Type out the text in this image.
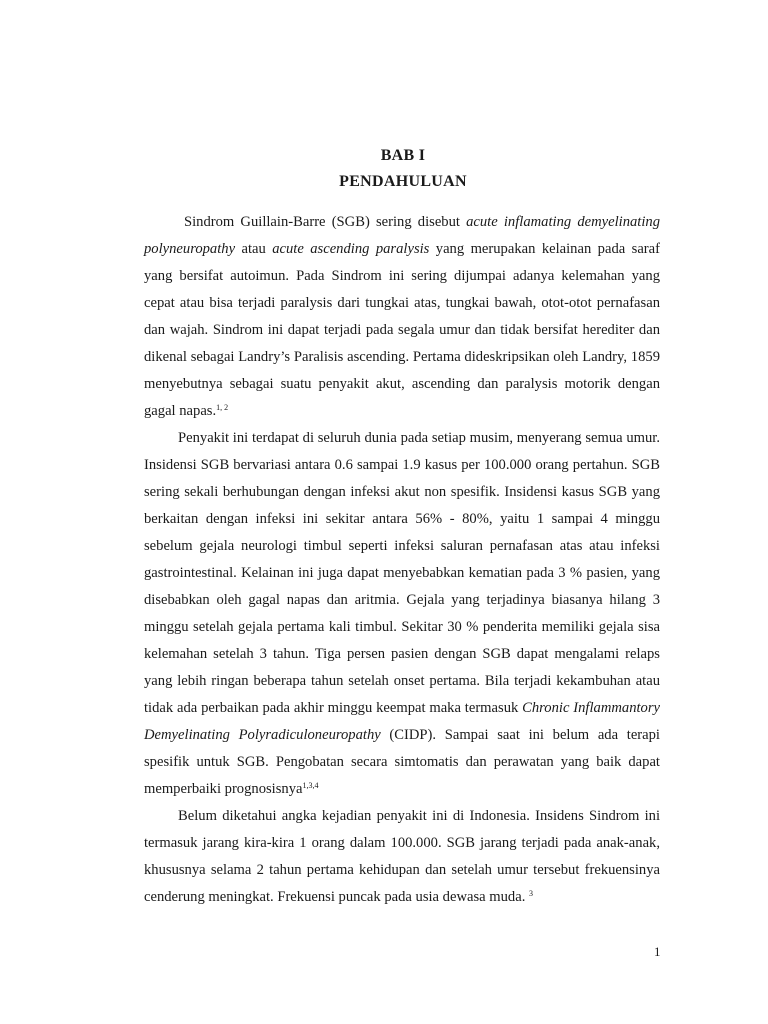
BAB I
PENDAHULUAN

Sindrom Guillain-Barre (SGB) sering disebut acute inflamating demyelinating polyneuropathy atau acute ascending paralysis yang merupakan kelainan pada saraf yang bersifat autoimun. Pada Sindrom ini sering dijumpai adanya kelemahan yang cepat atau bisa terjadi paralysis dari tungkai atas, tungkai bawah, otot-otot pernafasan dan wajah. Sindrom ini dapat terjadi pada segala umur dan tidak bersifat herediter dan dikenal sebagai Landry’s Paralisis ascending. Pertama dideskripsikan oleh Landry, 1859 menyebutnya sebagai suatu penyakit akut, ascending dan paralysis motorik dengan gagal napas.$^{1, 2}$

Penyakit ini terdapat di seluruh dunia pada setiap musim, menyerang semua umur. Insidensi SGB bervariasi antara 0.6 sampai 1.9 kasus per 100.000 orang pertahun. SGB sering sekali berhubungan dengan infeksi akut non spesifik. Insidensi kasus SGB yang berkaitan dengan infeksi ini sekitar antara 56% - 80%, yaitu 1 sampai 4 minggu sebelum gejala neurologi timbul seperti infeksi saluran pernafasan atas atau infeksi gastrointestinal. Kelainan ini juga dapat menyebabkan kematian pada 3 % pasien, yang disebabkan oleh gagal napas dan aritmia. Gejala yang terjadinya biasanya hilang 3 minggu setelah gejala pertama kali timbul. Sekitar 30 % penderita memiliki gejala sisa kelemahan setelah 3 tahun. Tiga persen pasien dengan SGB dapat mengalami relaps yang lebih ringan beberapa tahun setelah onset pertama. Bila terjadi kekambuhan atau tidak ada perbaikan pada akhir minggu keempat maka termasuk Chronic Inflammantory Demyelinating Polyradiculoneuropathy (CIDP). Sampai saat ini belum ada terapi spesifik untuk SGB. Pengobatan secara simtomatis dan perawatan yang baik dapat memperbaiki prognosisnya$^{1,3,4}$

Belum diketahui angka kejadian penyakit ini di Indonesia. Insidens Sindrom ini termasuk jarang kira-kira 1 orang dalam 100.000. SGB jarang terjadi pada anak-anak, khususnya selama 2 tahun pertama kehidupan dan setelah umur tersebut frekuensinya cenderung meningkat. Frekuensi puncak pada usia dewasa muda. $^3$

1
